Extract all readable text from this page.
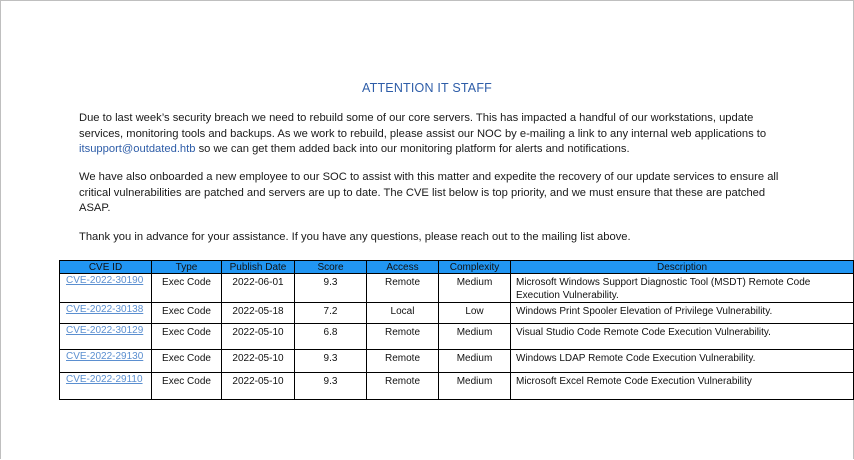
ATTENTION IT STAFF
Due to last week’s security breach we need to rebuild some of our core servers. This has impacted a handful of our workstations, update services, monitoring tools and backups. As we work to rebuild, please assist our NOC by e-mailing a link to any internal web applications to itsupport@outdated.htb so we can get them added back into our monitoring platform for alerts and notifications.
We have also onboarded a new employee to our SOC to assist with this matter and expedite the recovery of our update services to ensure all critical vulnerabilities are patched and servers are up to date. The CVE list below is top priority, and we must ensure that these are patched ASAP.
Thank you in advance for your assistance. If you have any questions, please reach out to the mailing list above.
CVE ID	Type	Publish Date	Score	Access	Complexity	Description
CVE-2022-30190	Exec Code	2022-06-01	9.3	Remote	Medium	Microsoft Windows Support Diagnostic Tool (MSDT) Remote Code Execution Vulnerability.
CVE-2022-30138	Exec Code	2022-05-18	7.2	Local	Low	Windows Print Spooler Elevation of Privilege Vulnerability.
CVE-2022-30129	Exec Code	2022-05-10	6.8	Remote	Medium	Visual Studio Code Remote Code Execution Vulnerability.
CVE-2022-29130	Exec Code	2022-05-10	9.3	Remote	Medium	Windows LDAP Remote Code Execution Vulnerability.
CVE-2022-29110	Exec Code	2022-05-10	9.3	Remote	Medium	Microsoft Excel Remote Code Execution Vulnerability
